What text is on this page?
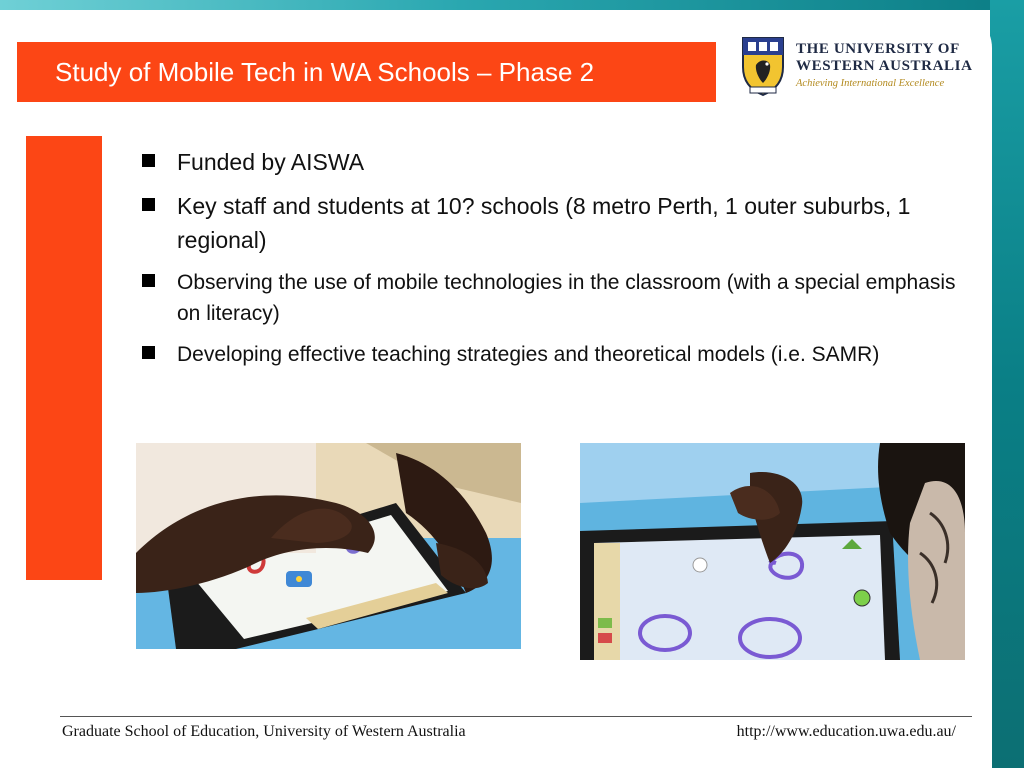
Study of Mobile Tech in WA Schools – Phase 2
THE UNIVERSITY OF
WESTERN AUSTRALIA
Achieving International Excellence
Funded by AISWA
Key staff and students at 10? schools (8 metro Perth, 1 outer suburbs, 1 regional)
Observing the use of mobile technologies in the classroom (with a special emphasis on literacy)
Developing effective teaching strategies and theoretical models (i.e. SAMR)
Graduate School of Education, University of Western Australia	http://www.education.uwa.edu.au/
